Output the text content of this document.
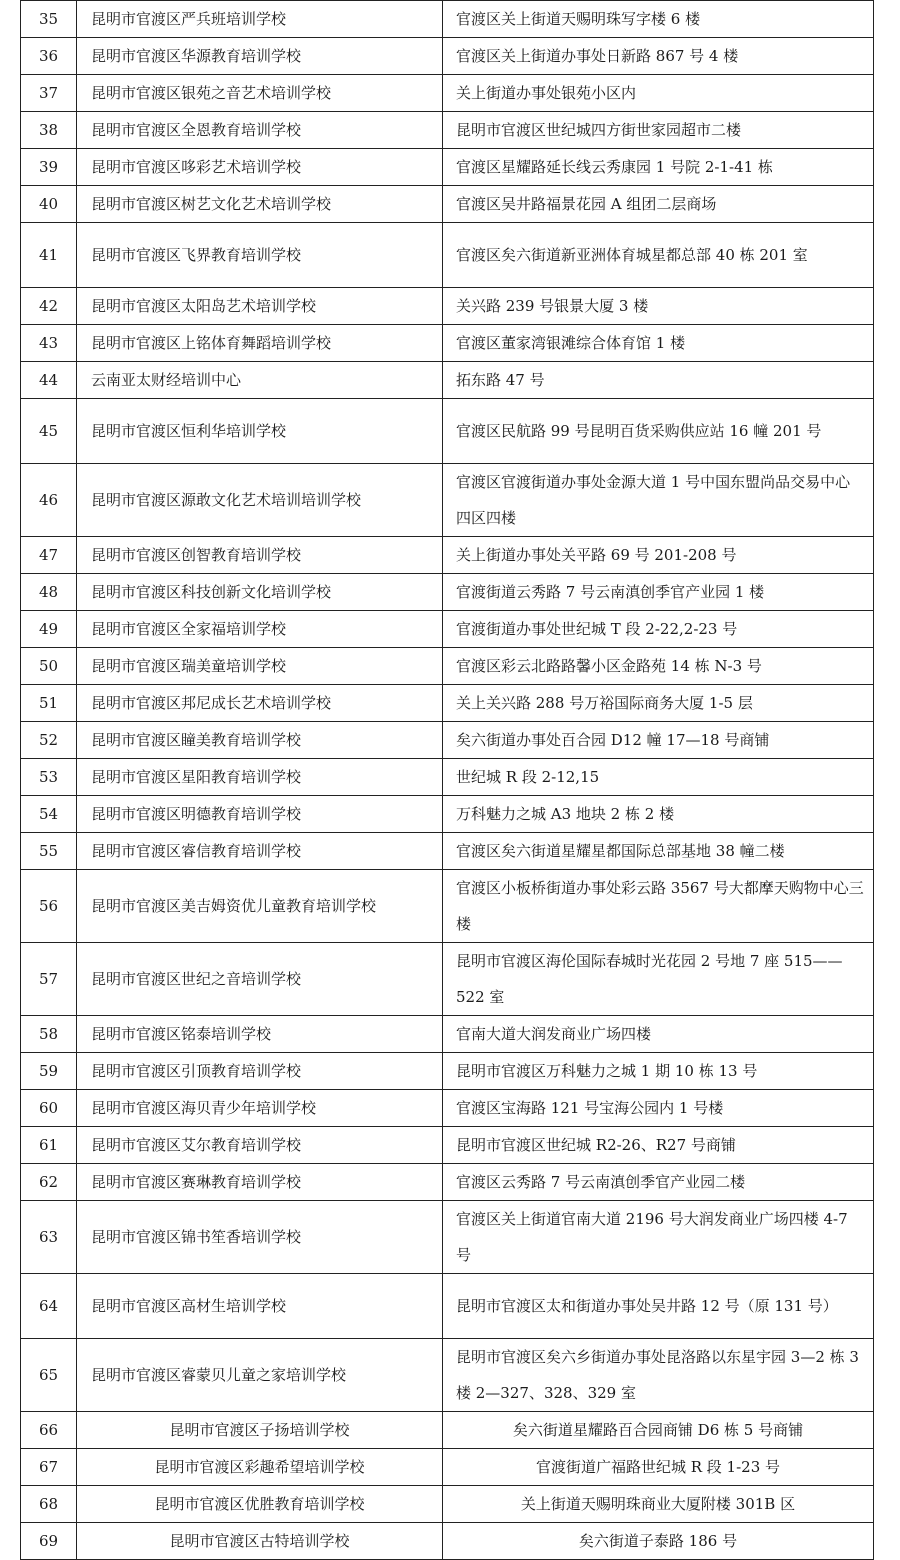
35	昆明市官渡区严兵班培训学校	官渡区关上街道天赐明珠写字楼 6 楼
36	昆明市官渡区华源教育培训学校	官渡区关上街道办事处日新路 867 号 4 楼
37	昆明市官渡区银苑之音艺术培训学校	关上街道办事处银苑小区内
38	昆明市官渡区全恩教育培训学校	昆明市官渡区世纪城四方街世家园超市二楼
39	昆明市官渡区哆彩艺术培训学校	官渡区星耀路延长线云秀康园 1 号院 2-1-41 栋
40	昆明市官渡区树艺文化艺术培训学校	官渡区吴井路福景花园 A 组团二层商场
41	昆明市官渡区飞界教育培训学校	官渡区矣六街道新亚洲体育城星都总部 40 栋 201 室
42	昆明市官渡区太阳岛艺术培训学校	关兴路 239 号银景大厦 3 楼
43	昆明市官渡区上铭体育舞蹈培训学校	官渡区董家湾银滩综合体育馆 1 楼
44	云南亚太财经培训中心	拓东路 47 号
45	昆明市官渡区恒利华培训学校	官渡区民航路 99 号昆明百货采购供应站 16 幢 201 号
46	昆明市官渡区源敢文化艺术培训培训学校	官渡区官渡街道办事处金源大道 1 号中国东盟尚品交易中心四区四楼
47	昆明市官渡区创智教育培训学校	关上街道办事处关平路 69 号 201-208 号
48	昆明市官渡区科技创新文化培训学校	官渡街道云秀路 7 号云南滇创季官产业园 1 楼
49	昆明市官渡区全家福培训学校	官渡街道办事处世纪城 T 段 2-22,2-23 号
50	昆明市官渡区瑞美童培训学校	官渡区彩云北路路馨小区金路苑 14 栋 N-3 号
51	昆明市官渡区邦尼成长艺术培训学校	关上关兴路 288 号万裕国际商务大厦 1-5 层
52	昆明市官渡区瞳美教育培训学校	矣六街道办事处百合园 D12 幢 17—18 号商铺
53	昆明市官渡区星阳教育培训学校	世纪城 R 段 2-12,15
54	昆明市官渡区明德教育培训学校	万科魅力之城 A3 地块 2 栋 2 楼
55	昆明市官渡区睿信教育培训学校	官渡区矣六街道星耀星都国际总部基地 38 幢二楼
56	昆明市官渡区美吉姆资优儿童教育培训学校	官渡区小板桥街道办事处彩云路 3567 号大都摩天购物中心三楼
57	昆明市官渡区世纪之音培训学校	昆明市官渡区海伦国际春城时光花园 2 号地 7 座 515——522 室
58	昆明市官渡区铭泰培训学校	官南大道大润发商业广场四楼
59	昆明市官渡区引顶教育培训学校	昆明市官渡区万科魅力之城 1 期 10 栋 13 号
60	昆明市官渡区海贝青少年培训学校	官渡区宝海路 121 号宝海公园内 1 号楼
61	昆明市官渡区艾尔教育培训学校	昆明市官渡区世纪城 R2-26、R27 号商铺
62	昆明市官渡区赛琳教育培训学校	官渡区云秀路 7 号云南滇创季官产业园二楼
63	昆明市官渡区锦书笙香培训学校	官渡区关上街道官南大道 2196 号大润发商业广场四楼 4-7 号
64	昆明市官渡区高材生培训学校	昆明市官渡区太和街道办事处吴井路 12 号（原 131 号）
65	昆明市官渡区睿蒙贝儿童之家培训学校	昆明市官渡区矣六乡街道办事处昆洛路以东星宇园 3—2 栋 3 楼 2—327、328、329 室
66	昆明市官渡区子扬培训学校	矣六街道星耀路百合园商铺 D6 栋 5 号商铺
67	昆明市官渡区彩趣希望培训学校	官渡街道广福路世纪城 R 段 1-23 号
68	昆明市官渡区优胜教育培训学校	关上街道天赐明珠商业大厦附楼 301B 区
69	昆明市官渡区古特培训学校	矣六街道子泰路 186 号
